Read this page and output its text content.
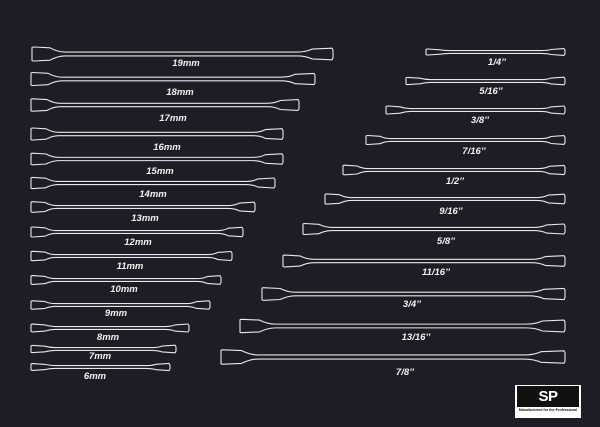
19mm
18mm
17mm
16mm
15mm
14mm
13mm
12mm
11mm
10mm
9mm
8mm
7mm
6mm
1/4’’
5/16’’
3/8’’
7/16’’
1/2’’
9/16’’
5/8’’
11/16’’
3/4’’
13/16’’
7/8’’
SP
Manufactured for the Professional
